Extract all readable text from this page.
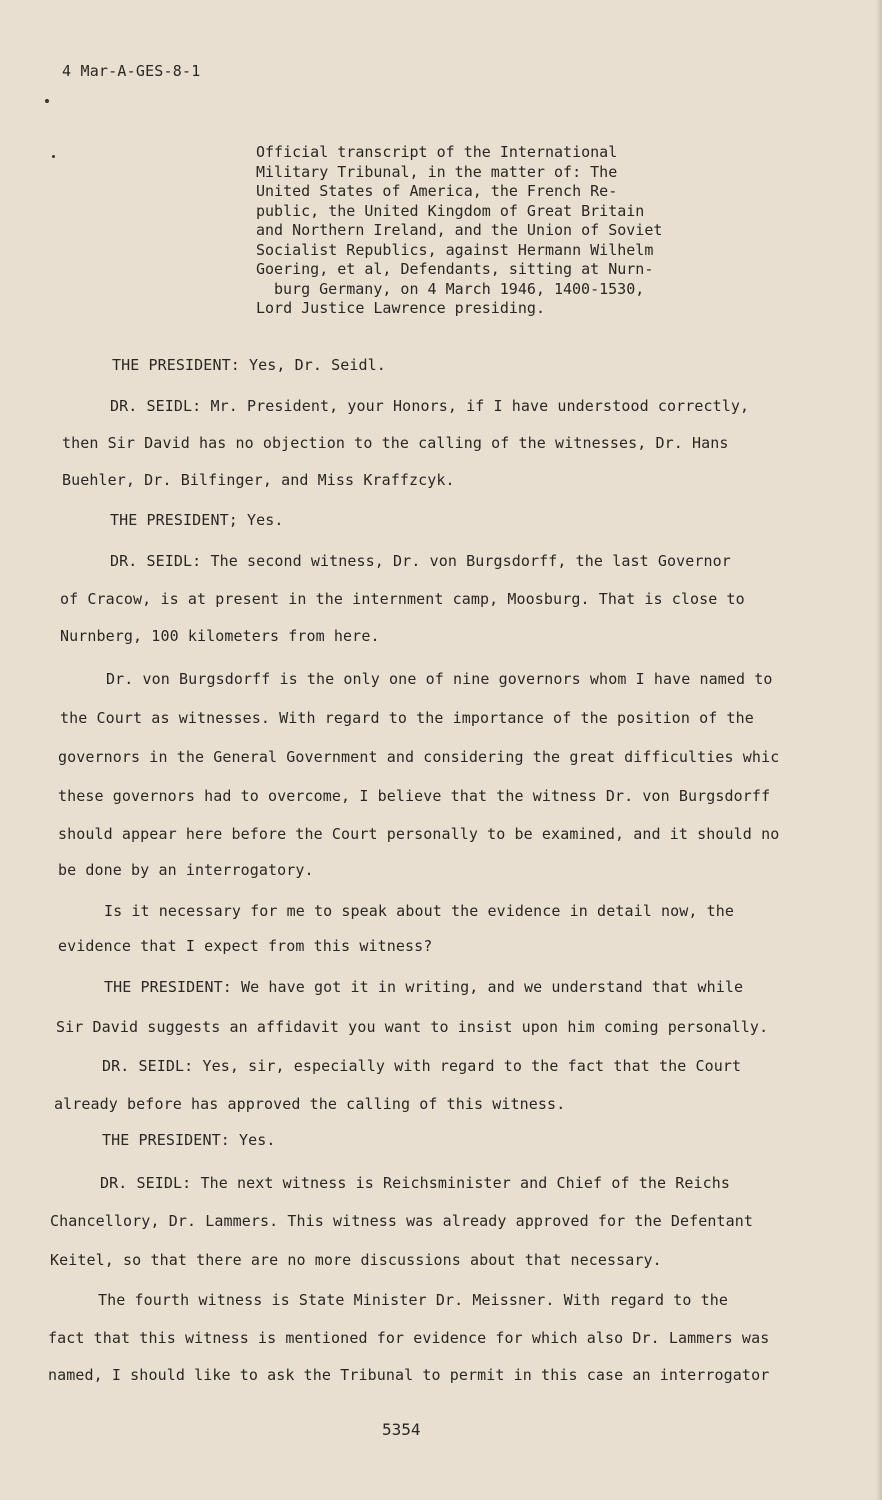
4 Mar-A-GES-8-1
Official transcript of the International
Military Tribunal, in the matter of: The
United States of America, the French Re-
public, the United Kingdom of Great Britain
and Northern Ireland, and the Union of Soviet
Socialist Republics, against Hermann Wilhelm
Goering, et al, Defendants, sitting at Nurn-
burg Germany, on 4 March 1946, 1400-1530,
Lord Justice Lawrence presiding.
THE PRESIDENT: Yes, Dr. Seidl.
DR. SEIDL: Mr. President, your Honors, if I have understood correctly,
then Sir David has no objection to the calling of the witnesses, Dr. Hans
Buehler, Dr. Bilfinger, and Miss Kraffzcyk.
THE PRESIDENT; Yes.
DR. SEIDL: The second witness, Dr. von Burgsdorff, the last Governor
of Cracow, is at present in the internment camp, Moosburg. That is close to
Nurnberg, 100 kilometers from here.
Dr. von Burgsdorff is the only one of nine governors whom I have named to
the Court as witnesses. With regard to the importance of the position of the
governors in the General Government and considering the great difficulties whic
these governors had to overcome, I believe that the witness Dr. von Burgsdorff
should appear here before the Court personally to be examined, and it should no
be done by an interrogatory.
Is it necessary for me to speak about the evidence in detail now, the
evidence that I expect from this witness?
THE PRESIDENT: We have got it in writing, and we understand that while
Sir David suggests an affidavit you want to insist upon him coming personally.
DR. SEIDL: Yes, sir, especially with regard to the fact that the Court
already before has approved the calling of this witness.
THE PRESIDENT: Yes.
DR. SEIDL: The next witness is Reichsminister and Chief of the Reichs
Chancellory, Dr. Lammers. This witness was already approved for the Defentant
Keitel, so that there are no more discussions about that necessary.
The fourth witness is State Minister Dr. Meissner. With regard to the
fact that this witness is mentioned for evidence for which also Dr. Lammers was
named, I should like to ask the Tribunal to permit in this case an interrogator
5354
